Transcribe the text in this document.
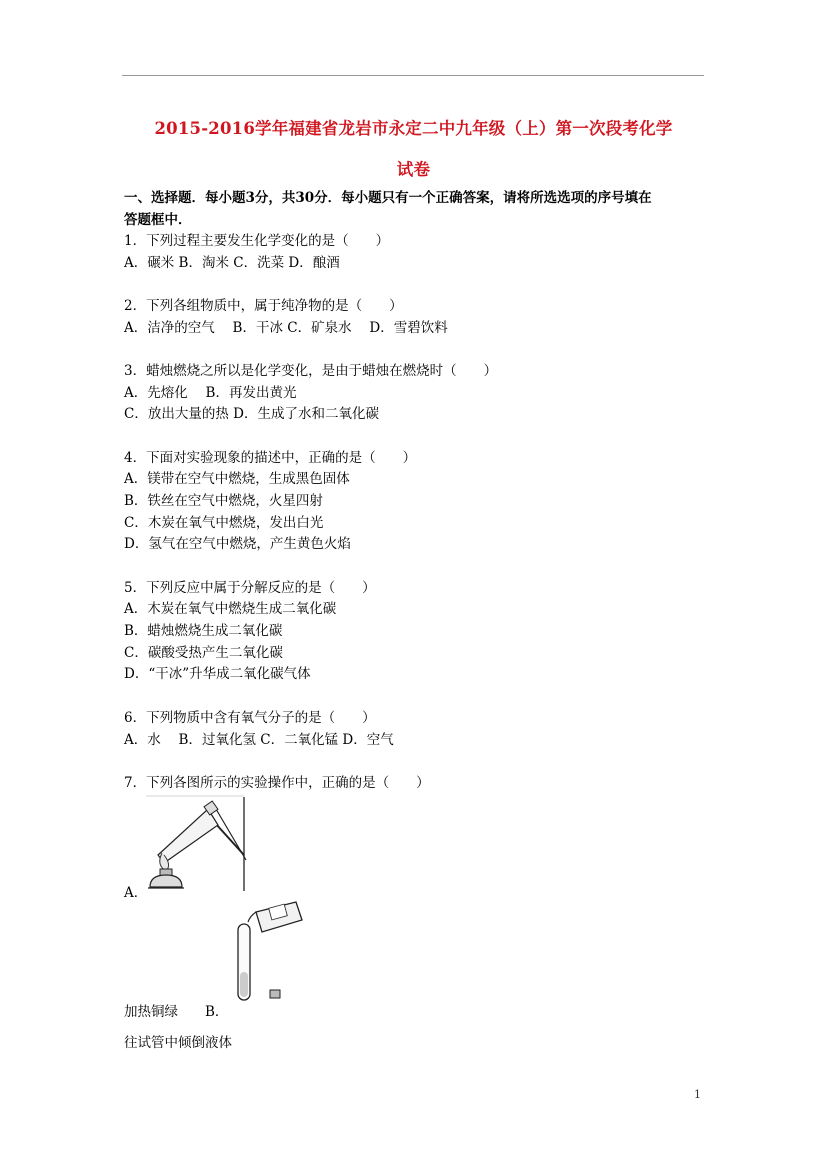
2015-2016学年福建省龙岩市永定二中九年级（上）第一次段考化学
试卷
一、选择题．每小题3分，共30分．每小题只有一个正确答案，请将所选选项的序号填在
答题框中．
1．下列过程主要发生化学变化的是（　　）
A．碾米 B．淘米 C．洗菜 D．酿酒
2．下列各组物质中，属于纯净物的是（　　）
A．洁净的空气　 B．干冰 C．矿泉水　 D．雪碧饮料
3．蜡烛燃烧之所以是化学变化，是由于蜡烛在燃烧时（　　）
A．先熔化　 B．再发出黄光
C．放出大量的热 D．生成了水和二氧化碳
4．下面对实验现象的描述中，正确的是（　　）
A．镁带在空气中燃烧，生成黑色固体
B．铁丝在空气中燃烧，火星四射
C．木炭在氧气中燃烧，发出白光
D．氢气在空气中燃烧，产生黄色火焰
5．下列反应中属于分解反应的是（　　）
A．木炭在氧气中燃烧生成二氧化碳
B．蜡烛燃烧生成二氧化碳
C．碳酸受热产生二氧化碳
D．“干冰”升华成二氧化碳气体
6．下列物质中含有氧气分子的是（　　）
A．水　 B．过氧化氢 C．二氧化锰 D．空气
7．下列各图所示的实验操作中，正确的是（　　）
A．
加热铜绿　　B．
往试管中倾倒液体
1
